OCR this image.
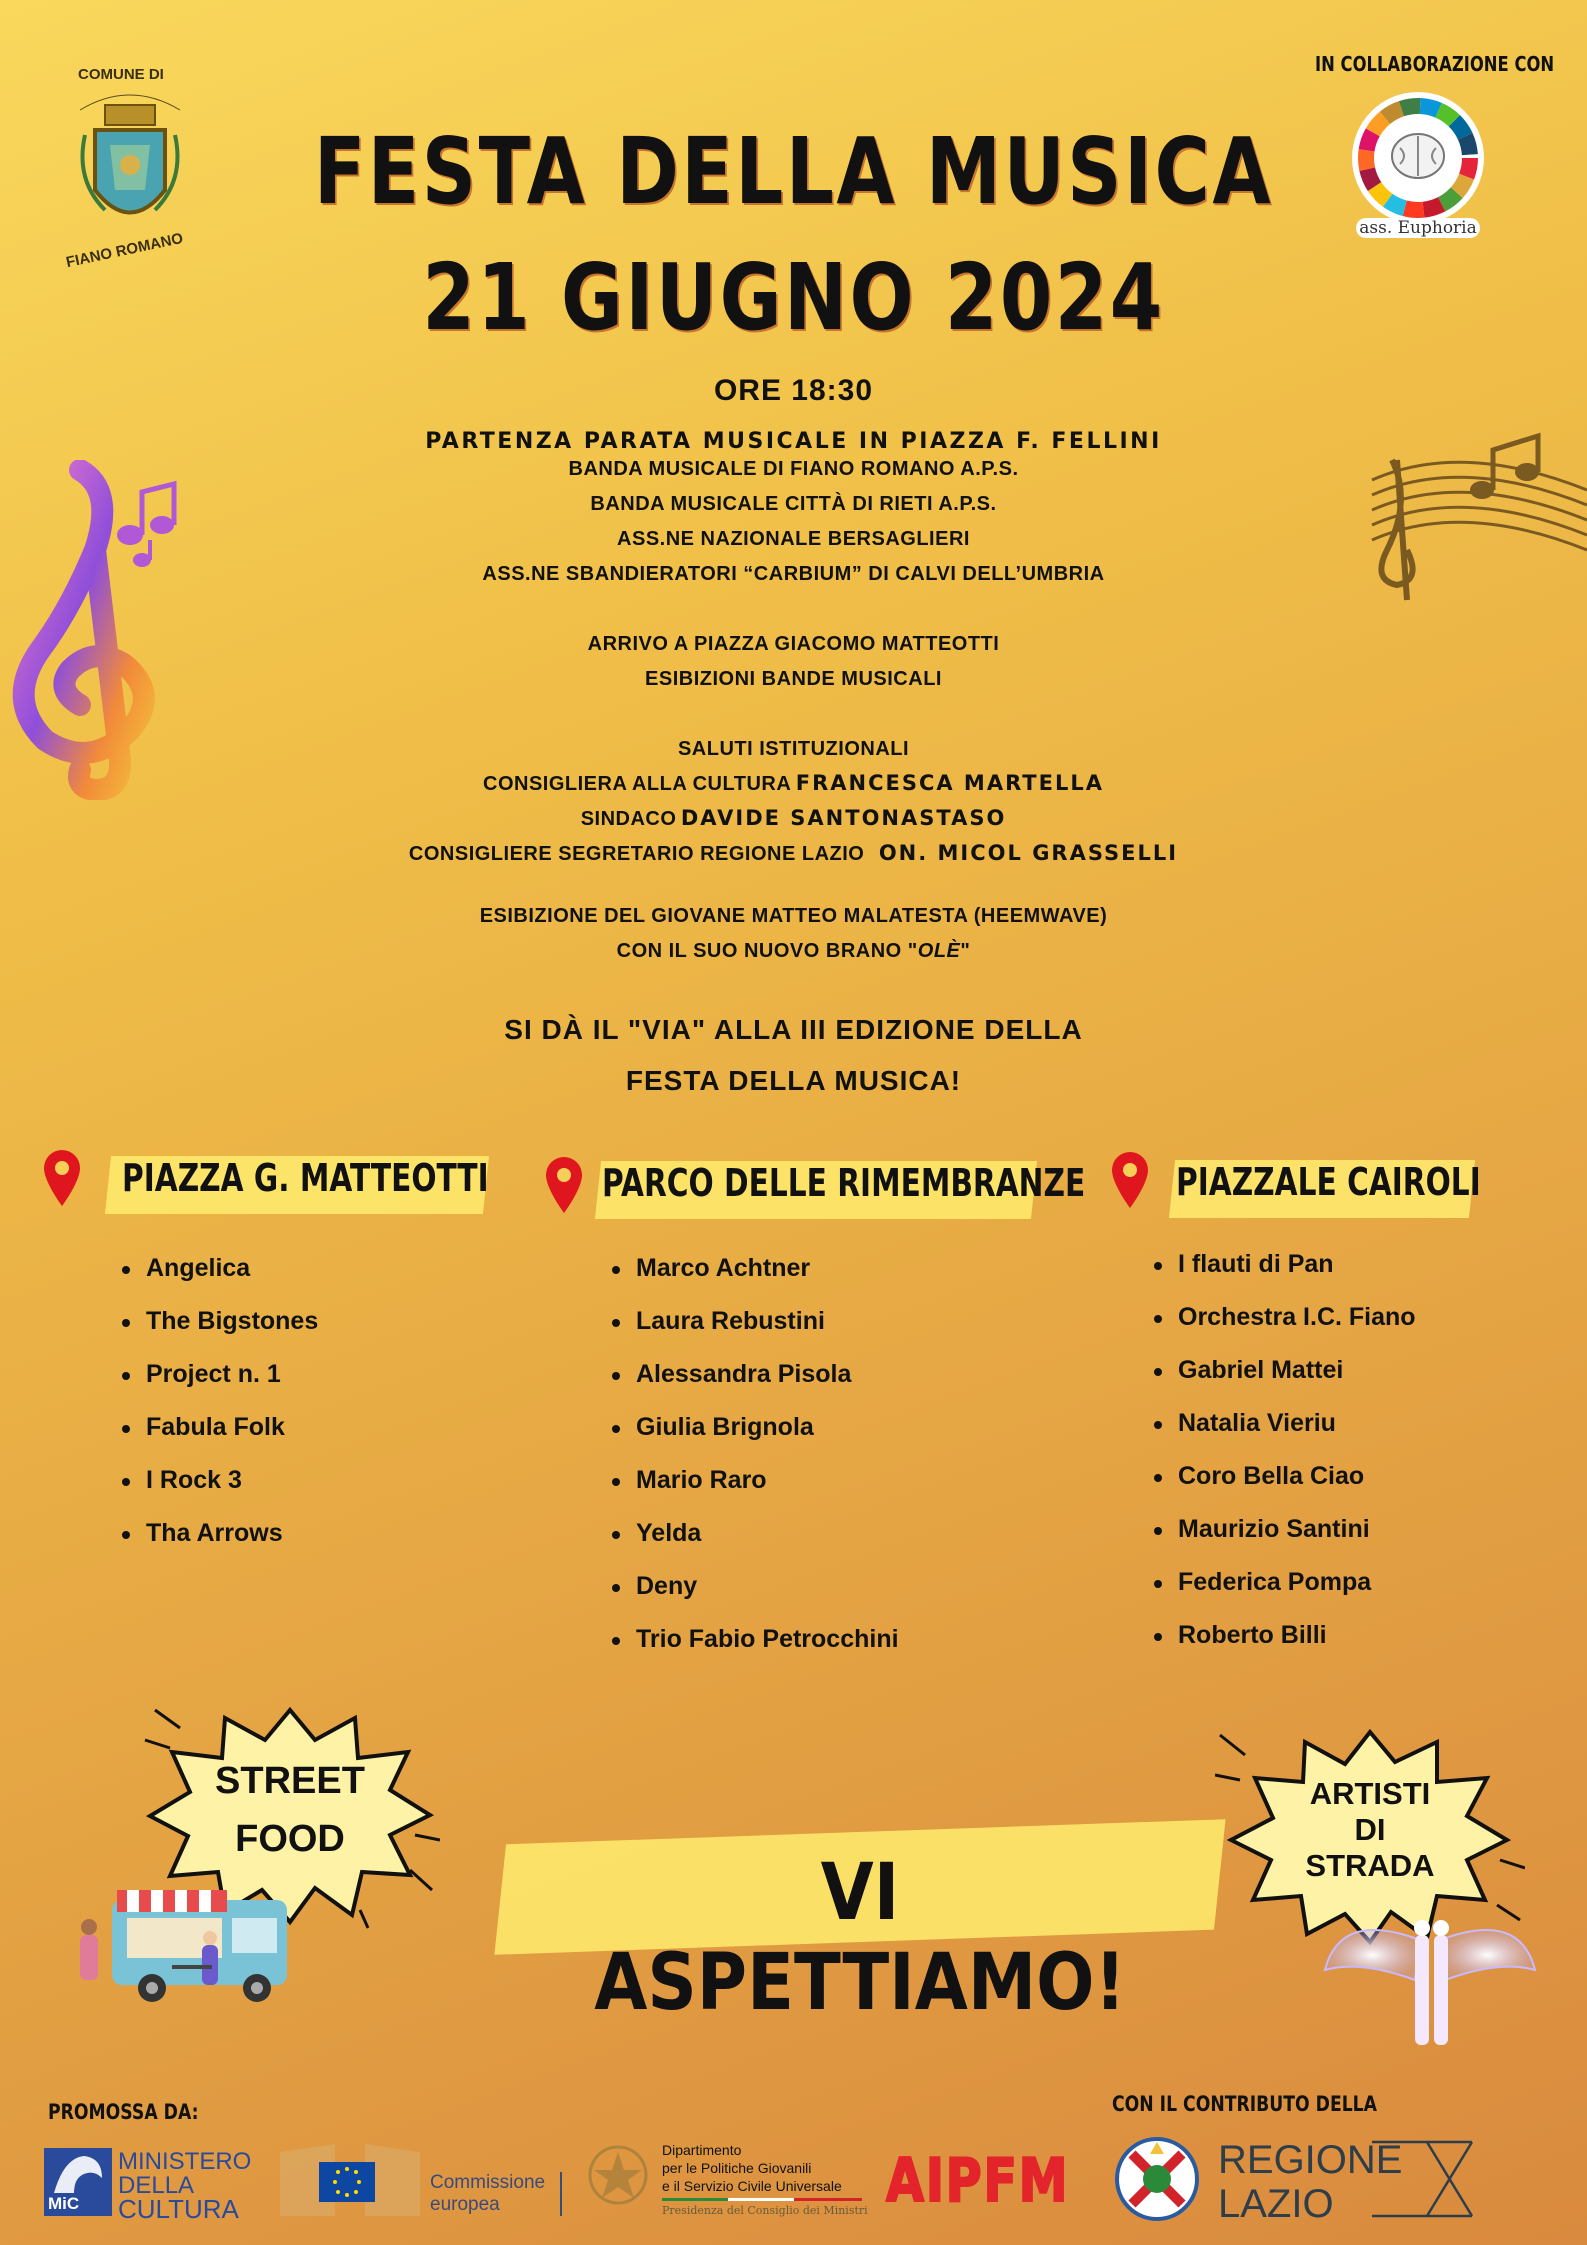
COMUNE DI
FIANO ROMANO
IN COLLABORAZIONE CON
ass. Euphoria
FESTA DELLA MUSICA
21 GIUGNO 2024
ORE 18:30
PARTENZA PARATA MUSICALE IN PIAZZA F. FELLINI
BANDA MUSICALE DI FIANO ROMANO A.P.S.
BANDA MUSICALE CITTÀ DI RIETI A.P.S.
ASS.NE NAZIONALE BERSAGLIERI
ASS.NE SBANDIERATORI “CARBIUM” DI CALVI DELL’UMBRIA
ARRIVO A PIAZZA GIACOMO MATTEOTTI
ESIBIZIONI BANDE MUSICALI
SALUTI ISTITUZIONALI
CONSIGLIERA ALLA CULTURA FRANCESCA MARTELLA
SINDACO DAVIDE SANTONASTASO
CONSIGLIERE SEGRETARIO REGIONE LAZIO ON. MICOL GRASSELLI
ESIBIZIONE DEL GIOVANE MATTEO MALATESTA (HEEMWAVE)
CON IL SUO NUOVO BRANO "OLÈ"
SI DÀ IL "VIA" ALLA III EDIZIONE DELLA
FESTA DELLA MUSICA!
PIAZZA G. MATTEOTTI
Angelica
The Bigstones
Project n. 1
Fabula Folk
I Rock 3
Tha Arrows
PARCO DELLE RIMEMBRANZE
Marco Achtner
Laura Rebustini
Alessandra Pisola
Giulia Brignola
Mario Raro
Yelda
Deny
Trio Fabio Petrocchini
PIAZZALE CAIROLI
I flauti di Pan
Orchestra I.C. Fiano
Gabriel Mattei
Natalia Vieriu
Coro Bella Ciao
Maurizio Santini
Federica Pompa
Roberto Billi
STREET
FOOD
ARTISTI
DI
STRADA
VI ASPETTIAMO!
PROMOSSA DA:	CON IL CONTRIBUTO DELLA
MiC
MINISTERO
DELLA
CULTURA
Commissione
europea
Dipartimento
per le Politiche Giovanili
e il Servizio Civile Universale
Presidenza del Consiglio dei Ministri AIPFM	REGIONE
LAZIO
